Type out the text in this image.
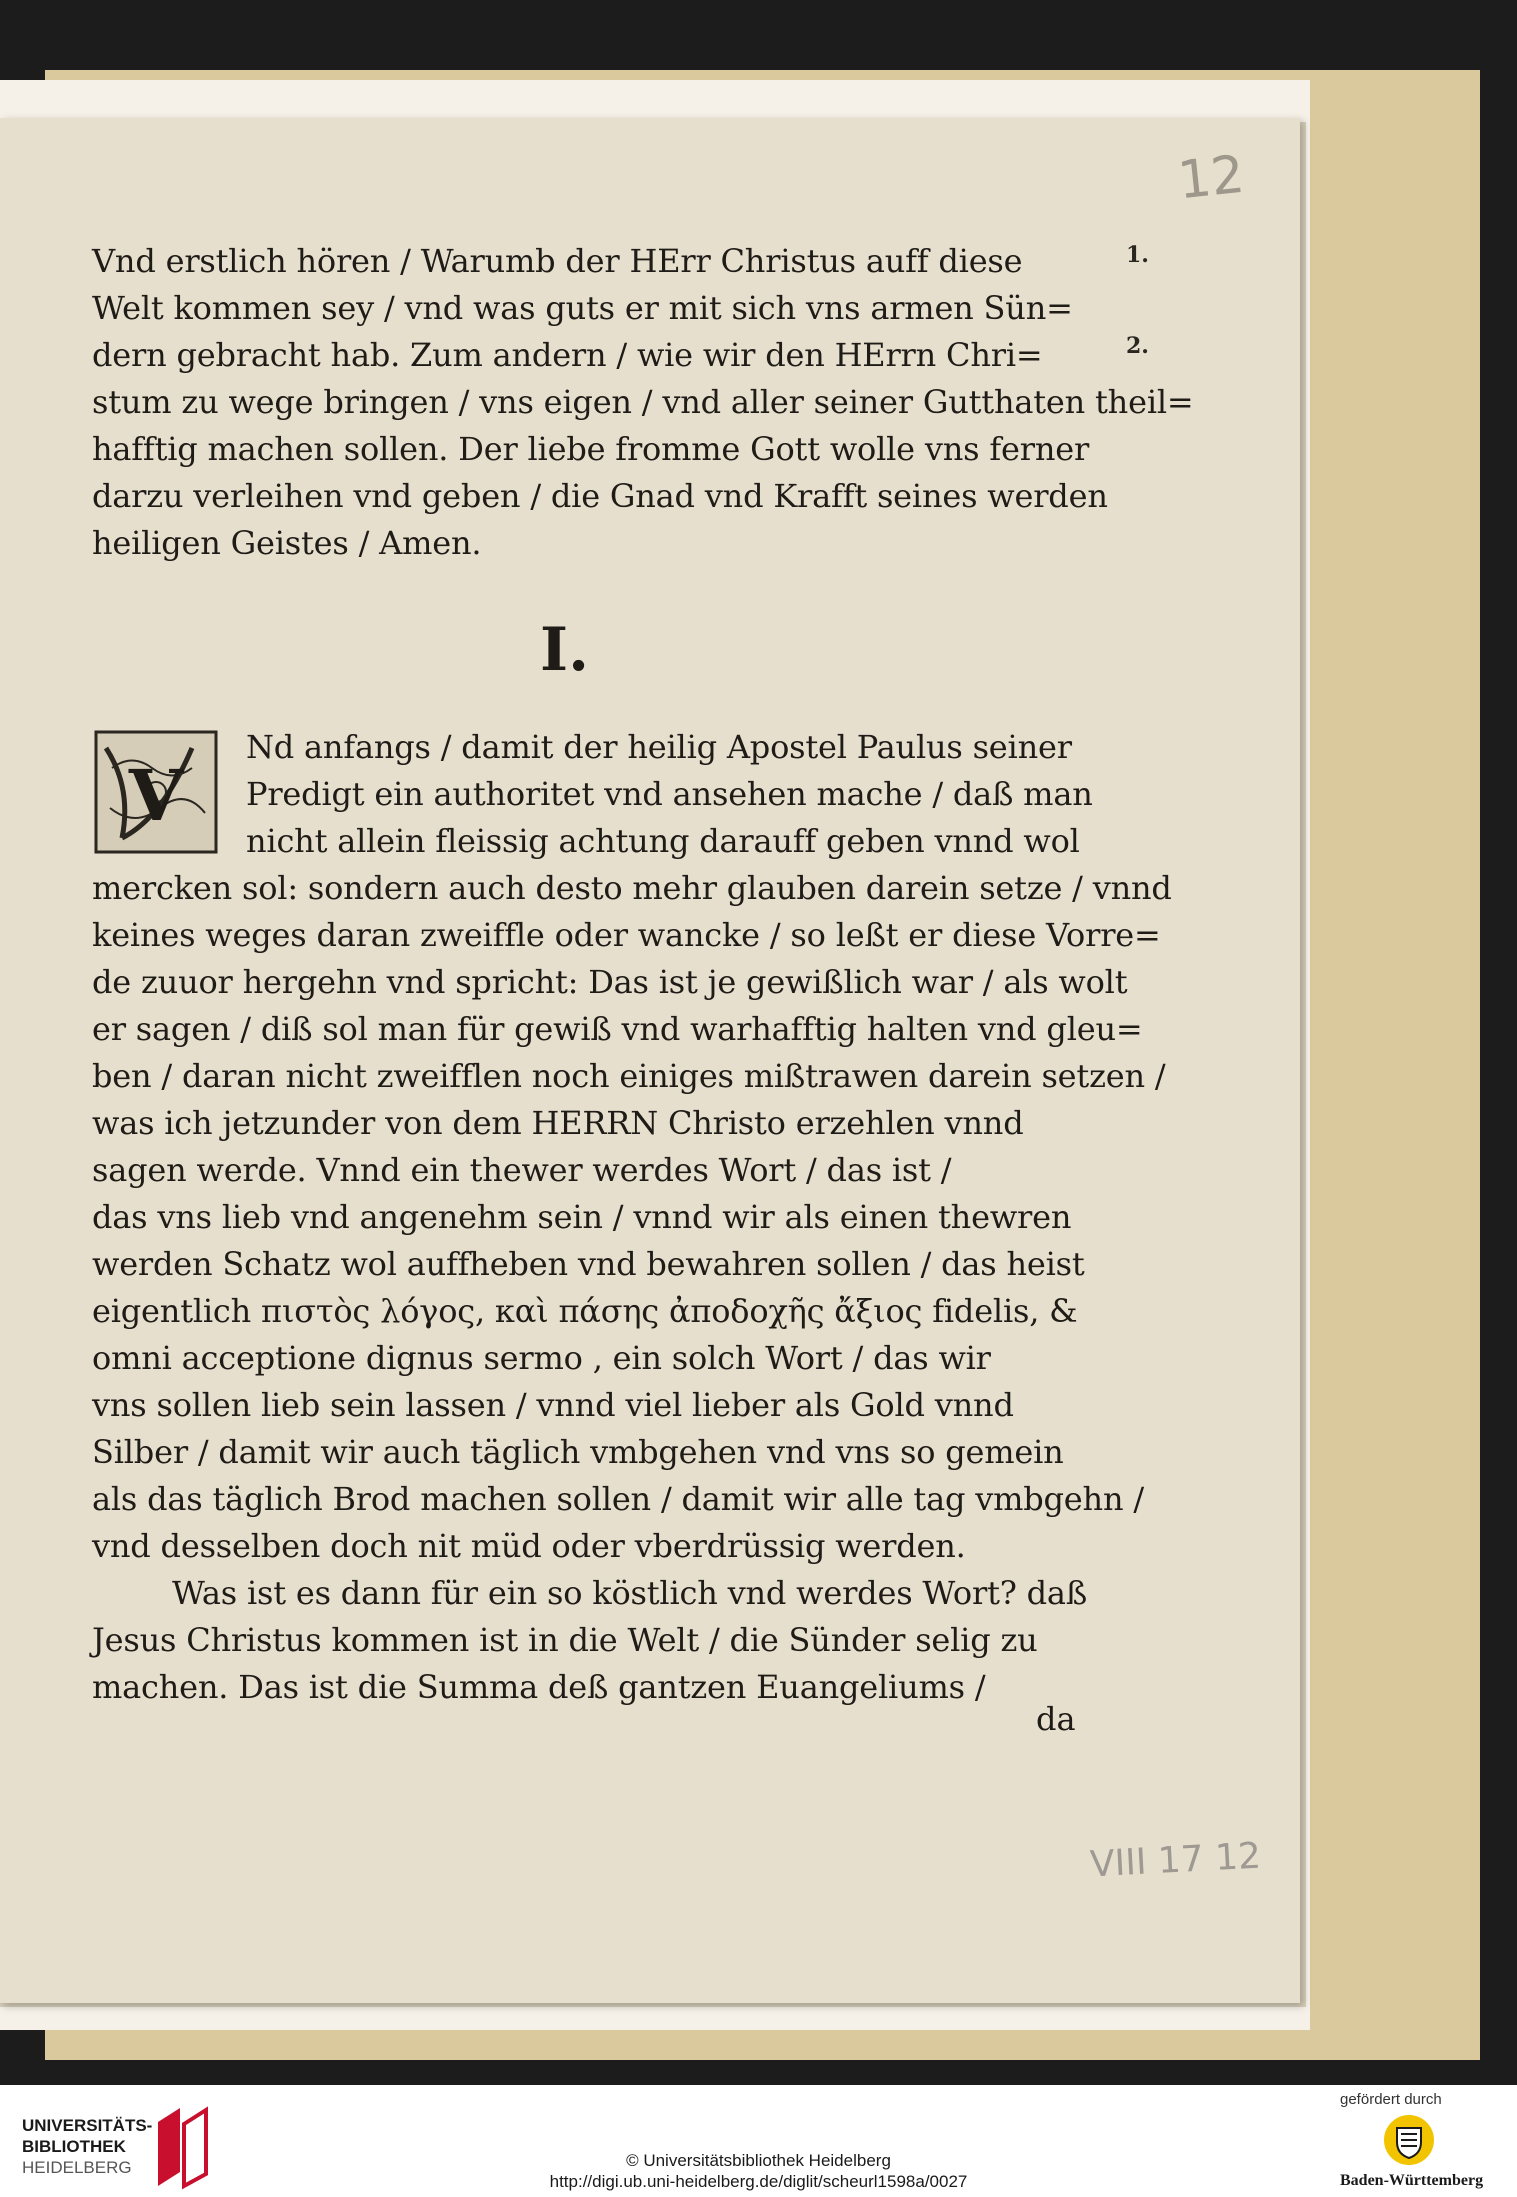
12
1.
2.
Vnd erstlich hören / Warumb der HErr Christus auff diese
Welt kommen sey / vnd was guts er mit sich vns armen Sün=
dern gebracht hab. Zum andern / wie wir den HErrn Chri=
stum zu wege bringen / vns eigen / vnd aller seiner Gutthaten theil=
hafftig machen sollen. Der liebe fromme Gott wolle vns ferner
darzu verleihen vnd geben / die Gnad vnd Krafft seines werden
heiligen Geistes / Amen.
I.
V
Nd anfangs / damit der heilig Apostel Paulus seiner
Predigt ein authoritet vnd ansehen mache / daß man
nicht allein fleissig achtung darauff geben vnnd wol
mercken sol: sondern auch desto mehr glauben darein setze / vnnd
keines weges daran zweiffle oder wancke / so leßt er diese Vorre=
de zuuor hergehn vnd spricht: Das ist je gewißlich war / als wolt
er sagen / diß sol man für gewiß vnd warhafftig halten vnd gleu=
ben / daran nicht zweifflen noch einiges mißtrawen darein setzen /
was ich jetzunder von dem HERRN Christo erzehlen vnnd
sagen werde. Vnnd ein thewer werdes Wort / das ist /
das vns lieb vnd angenehm sein / vnnd wir als einen thewren
werden Schatz wol auffheben vnd bewahren sollen / das heist
eigentlich πιστὸς λόγος, καὶ πάσης ἀποδοχῆς ἄξιος fidelis, &
omni acceptione dignus sermo , ein solch Wort / das wir
vns sollen lieb sein lassen / vnnd viel lieber als Gold vnnd
Silber / damit wir auch täglich vmbgehen vnd vns so gemein
als das täglich Brod machen sollen / damit wir alle tag vmbgehn /
vnd desselben doch nit müd oder vberdrüssig werden.
Was ist es dann für ein so köstlich vnd werdes Wort? daß
Jesus Christus kommen ist in die Welt / die Sünder selig zu
machen. Das ist die Summa deß gantzen Euangeliums /
da
VIII 17 12
UNIVERSITÄTS-
BIBLIOTHEK
HEIDELBERG	© Universitätsbibliothek Heidelberg
http://digi.ub.uni-heidelberg.de/diglit/scheurl1598a/0027
gefördert durch
Baden-Württemberg
